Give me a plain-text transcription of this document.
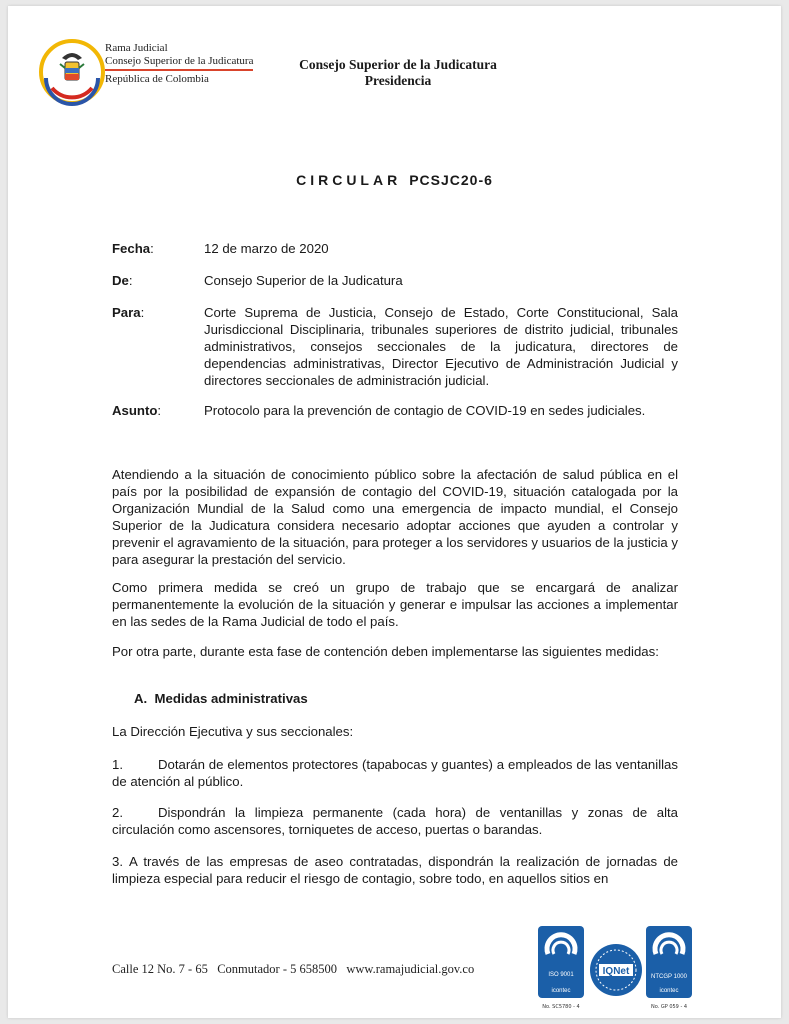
Rama Judicial
Consejo Superior de la Judicatura
República de Colombia
Consejo Superior de la Judicatura
Presidencia
CIRCULAR PCSJC20-6
Fecha:	12 de marzo de 2020
De:	Consejo Superior de la Judicatura
Para:	Corte Suprema de Justicia, Consejo de Estado, Corte Constitucional, Sala Jurisdiccional Disciplinaria, tribunales superiores de distrito judicial, tribunales administrativos, consejos seccionales de la judicatura, directores de dependencias administrativas, Director Ejecutivo de Administración Judicial y directores seccionales de administración judicial.
Asunto:	Protocolo para la prevención de contagio de COVID-19 en sedes judiciales.

Atendiendo a la situación de conocimiento público sobre la afectación de salud pública en el país por la posibilidad de expansión de contagio del COVID-19, situación catalogada por la Organización Mundial de la Salud como una emergencia de impacto mundial, el Consejo Superior de la Judicatura considera necesario adoptar acciones que ayuden a controlar y prevenir el agravamiento de la situación, para proteger a los servidores y usuarios de la justicia y para asegurar la prestación del servicio.

Como primera medida se creó un grupo de trabajo que se encargará de analizar permanentemente la evolución de la situación y generar e impulsar las acciones a implementar en las sedes de la Rama Judicial de todo el país.

Por otra parte, durante esta fase de contención deben implementarse las siguientes medidas:

A.  Medidas administrativas

La Dirección Ejecutiva y sus seccionales:

1.	Dotarán de elementos protectores (tapabocas y guantes) a empleados de las ventanillas de atención al público.
2.	Dispondrán la limpieza permanente (cada hora) de ventanillas y zonas de alta circulación como ascensores, torniquetes de acceso, puertas o barandas.
3. A través de las empresas de aseo contratadas, dispondrán la realización de jornadas de limpieza especial para reducir el riesgo de contagio, sobre todo, en aquellos sitios en
Calle 12 No. 7 - 65   Conmutador - 5 658500   www.ramajudicial.gov.co	ISO 9001
icontec
No. SC5780 - 4
IQNet	NTCGP 1000
icontec
No. GP 059 - 4
